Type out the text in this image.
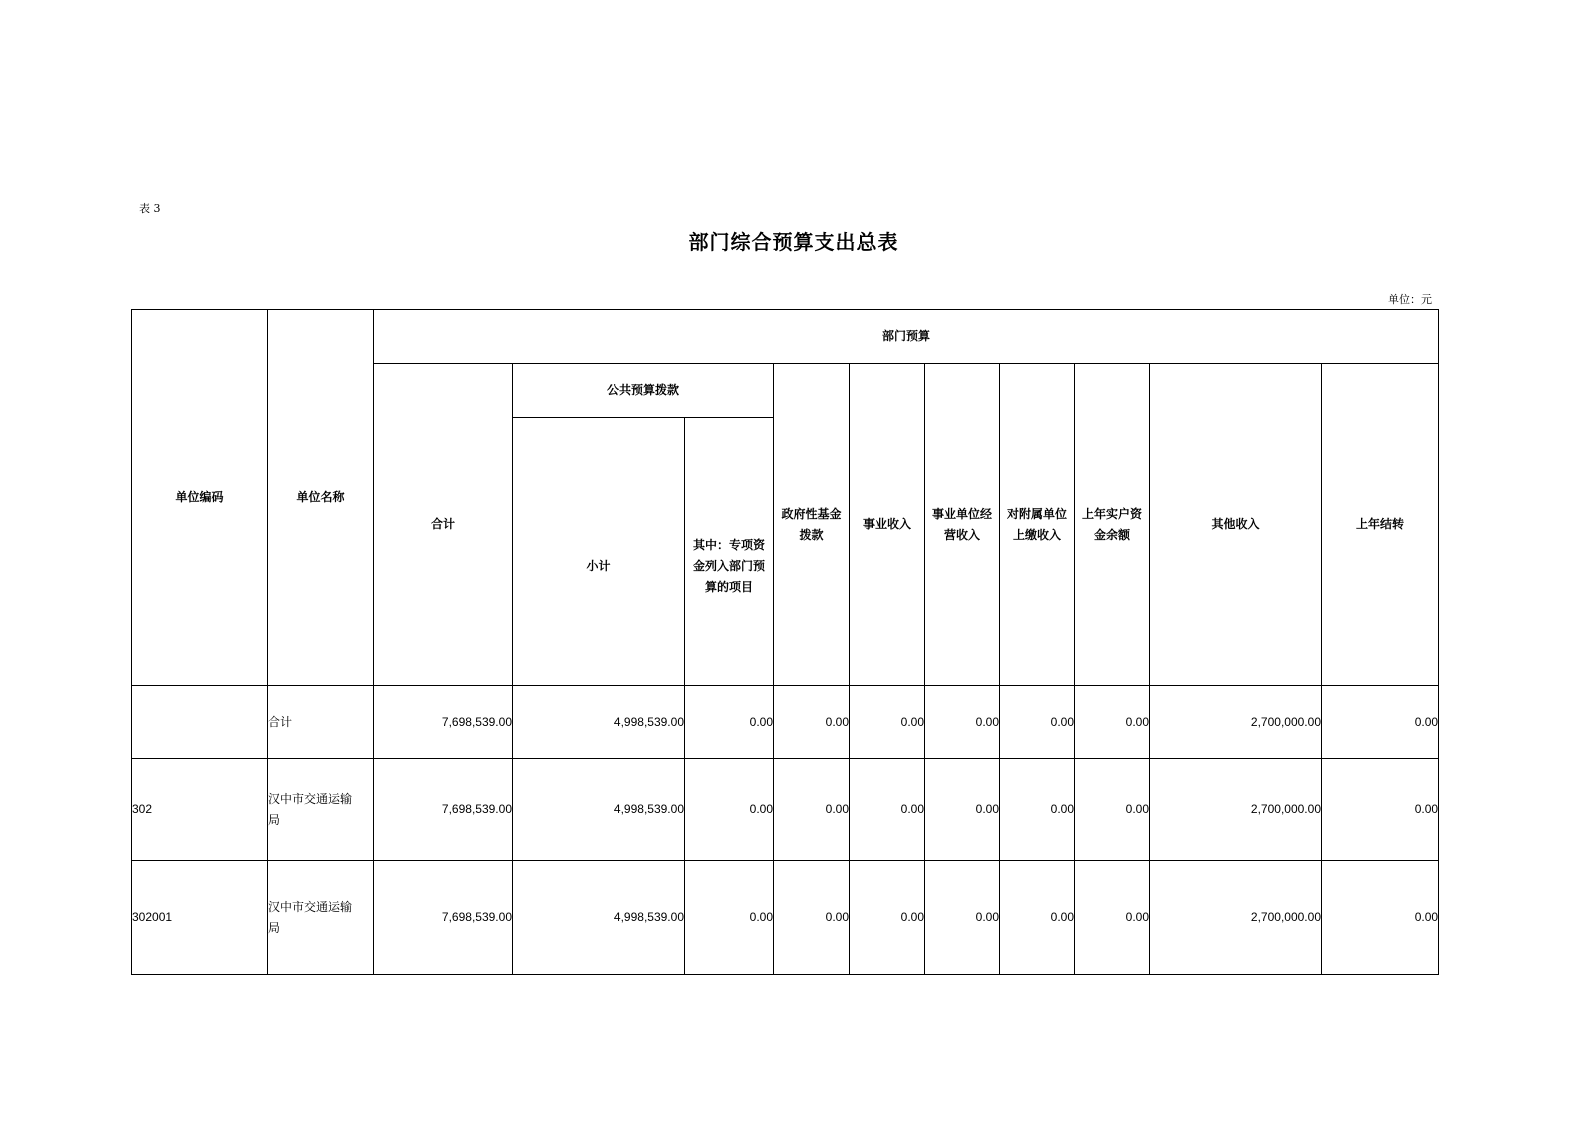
表 3
部门综合预算支出总表
单位：元
单位编码	单位名称	部门预算									
		合计	公共预算拨款		政府性基金拨款	事业收入	事业单位经营收入	对附属单位上缴收入	上年实户资金余额	其他收入	上年结转
			小计	其中：专项资金列入部门预算的项目							
	合计	7,698,539.00	4,998,539.00	0.00	0.00	0.00	0.00	0.00	0.00	2,700,000.00	0.00
302	汉中市交通运输局	7,698,539.00	4,998,539.00	0.00	0.00	0.00	0.00	0.00	0.00	2,700,000.00	0.00
302001	汉中市交通运输局	7,698,539.00	4,998,539.00	0.00	0.00	0.00	0.00	0.00	0.00	2,700,000.00	0.00
